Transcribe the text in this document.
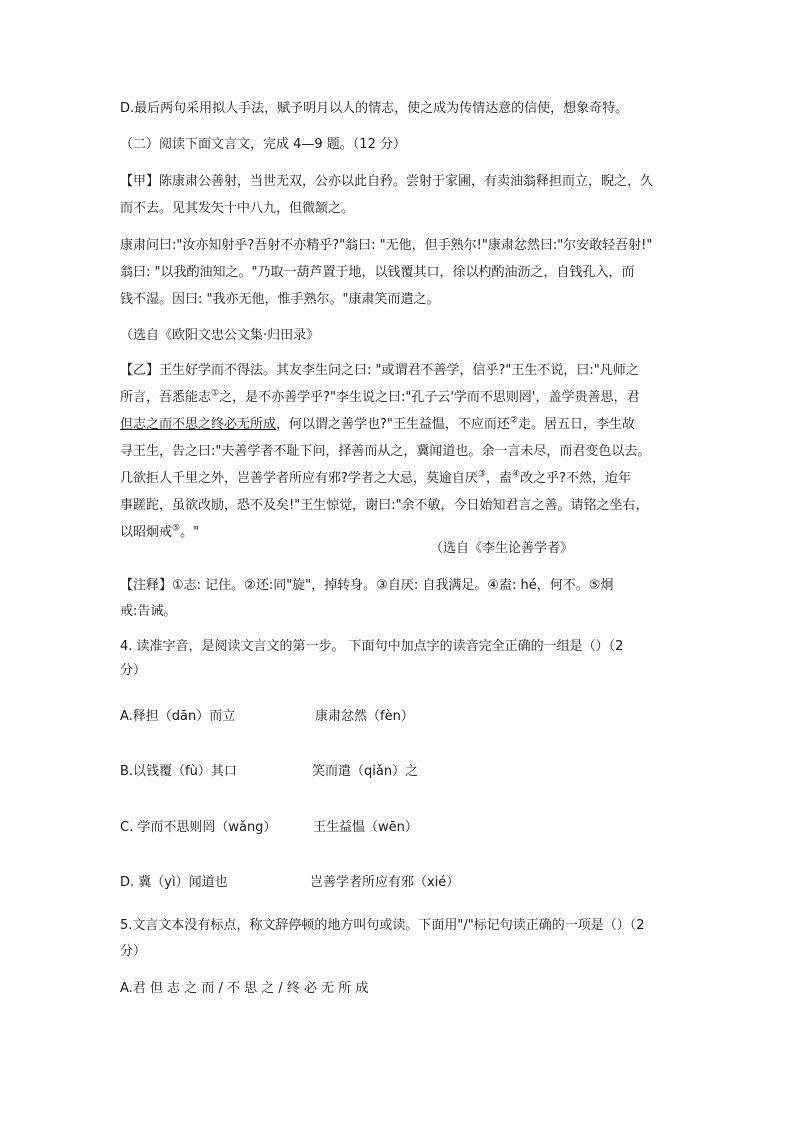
D.最后两句采用拟人手法，赋予明月以人的情志，使之成为传情达意的信使，想象奇特。

（二）阅读下面文言文，完成 4—9 题。（12 分）

【甲】陈康肃公善射，当世无双，公亦以此自矜。尝射于家圃，有卖油翁释担而立，睨之，久

而不去。见其发矢十中八九，但微颔之。

康肃问曰:"汝亦知射乎?吾射不亦精乎?"翁曰: "无他，但手熟尔!"康肃忿然曰:"尔安敢轻吾射!"

翁曰: "以我酌油知之。"乃取一葫芦置于地，以钱覆其口，徐以杓酌油沥之，自钱孔入，而

钱不湿。因曰: "我亦无他，惟手熟尔。"康肃笑而遣之。

（选自《欧阳文忠公文集·归田录》

【乙】王生好学而不得法。其友李生问之曰: "或谓君不善学，信乎?"王生不说，曰:"凡师之

所言，吾悉能志①之，是不亦善学乎?"李生说之曰:"孔子云'学而不思则罔'，盖学贵善思，君

但志之而不思之终必无所成，何以谓之善学也?"王生益愠，不应而还②走。居五日，李生故

寻王生，告之曰:"夫善学者不耻下问，择善而从之，冀闻道也。余一言未尽，而君变色以去。

几欲拒人千里之外，岂善学者所应有邪?学者之大忌，莫逾自厌③，盍④改之乎?不然，迨年

事蹉跎，虽欲改励，恐不及矣!"王生惊觉，谢曰:"余不敏，今日始知君言之善。请铭之坐右，

以昭炯戒⑤。"

（选自《李生论善学者》

【注释】①志: 记住。②还:同"旋"，掉转身。③自厌: 自我满足。④盍: hé，何不。⑤炯

戒:告诫。

4. 读准字音，是阅读文言文的第一步。 下面句中加点字的读音完全正确的一组是（）（2

分）

A.释担（dān）而立	康肃忿然（fèn）

B.以钱覆（fù）其口	笑而遣（qiǎn）之

C. 学而不思则罔（wǎng）	王生益愠（wēn）

D. 冀（yì）闻道也	岂善学者所应有邪（xié）

5.文言文本没有标点，称文辞停顿的地方叫句或读。下面用"/"标记句读正确的一项是（）（2

分）

A.君 但 志 之 而 / 不 思 之 / 终 必 无 所 成
